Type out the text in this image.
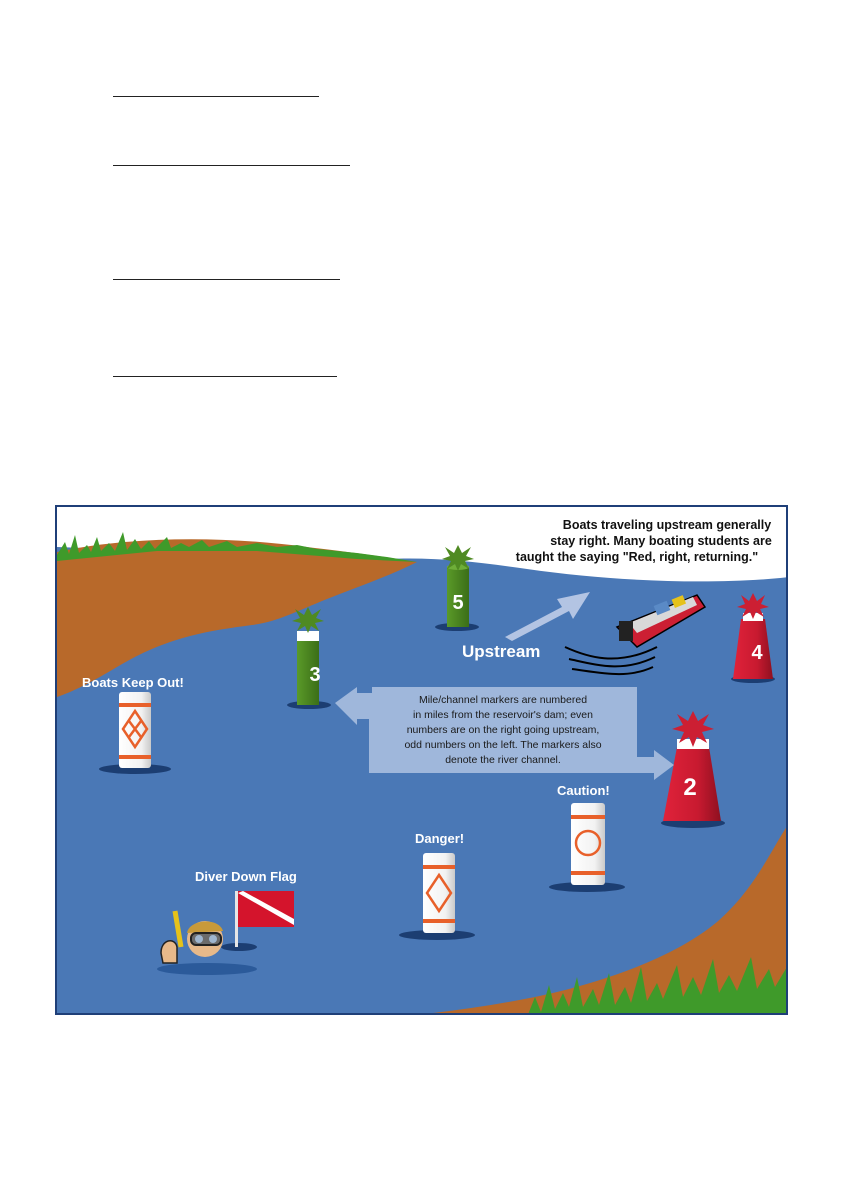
Boats traveling upstream generally
stay right. Many boating students are
taught the saying "Red, right, returning."
Upstream
5
3
4
2
Mile/channel markers are numbered
in miles from the reservoir's dam; even
numbers are on the right going upstream,
odd numbers on the left. The markers also
denote the river channel.
Boats Keep Out!
Caution!
Danger!
Diver Down Flag
